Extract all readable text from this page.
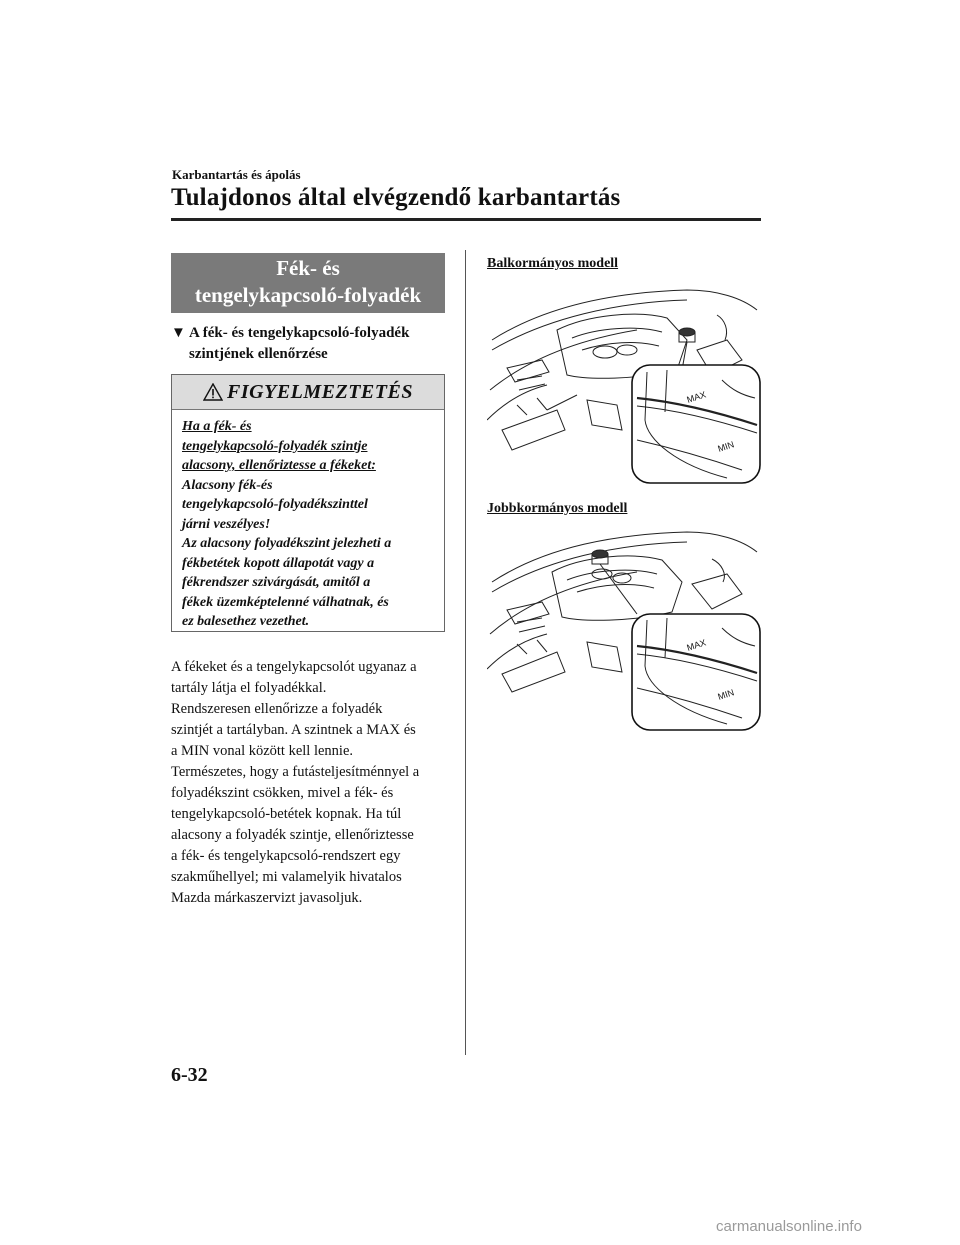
Karbantartás és ápolás
Tulajdonos által elvégzendő karbantartás
Fék- és
tengelykapcsoló-folyadék
▼ A fék- és tengelykapcsoló-folyadék
szintjének ellenőrzése
FIGYELMEZTETÉS

Ha a fék- és

tengelykapcsoló-folyadék szintje

alacsony, ellenőriztesse a fékeket:

Alacsony fék-és

tengelykapcsoló-folyadékszinttel

járni veszélyes!

Az alacsony folyadékszint jelezheti a

fékbetétek kopott állapotát vagy a

fékrendszer szivárgását, amitől a

fékek üzemképtelenné válhatnak, és

ez balesethez vezethet.

A fékeket és a tengelykapcsolót ugyanaz a

tartály látja el folyadékkal.

Rendszeresen ellenőrizze a folyadék

szintjét a tartályban. A szintnek a MAX és

a MIN vonal között kell lennie.

Természetes, hogy a futásteljesítménnyel a

folyadékszint csökken, mivel a fék- és

tengelykapcsoló-betétek kopnak. Ha túl

alacsony a folyadék szintje, ellenőriztesse

a fék- és tengelykapcsoló-rendszert egy

szakműhellyel; mi valamelyik hivatalos

Mazda márkaszervizt javasoljuk.

Balkormányos modell
MAX
MIN
Jobbkormányos modell
MAX
MIN
6-32
carmanualsonline.info
